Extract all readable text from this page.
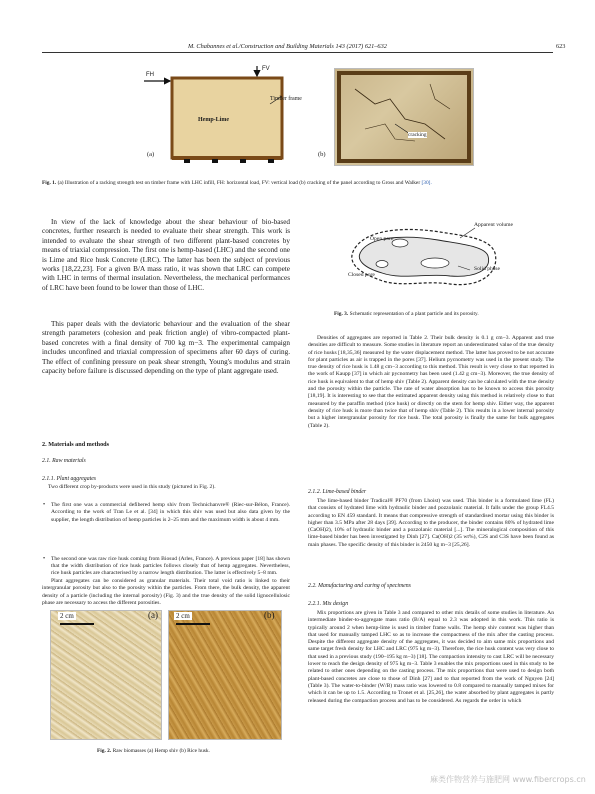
M. Chabannes et al./Construction and Building Materials 143 (2017) 621–632	623
FH
FV
Timber frame
Hemp-Lime
(a)
cracking
(b)
Fig. 1. (a) Illustration of a racking strength test on timber frame with LHC infill, FH: horizontal load, FV: vertical load (b) cracking of the panel according to Gross and Walker [30].
In view of the lack of knowledge about the shear behaviour of bio-based concretes, further research is needed to evaluate their shear strength. This work is intended to evaluate the shear strength of two different plant-based concretes by means of triaxial compression. The first one is hemp-based (LHC) and the second one is Lime and Rice husk Concrete (LRC). The latter has been the subject of previous works [18,22,23]. For a given B/A mass ratio, it was shown that LRC can compete with LHC in terms of thermal insulation. Nevertheless, the mechanical performances of LRC have been found to be lower than those of LHC.
This paper deals with the deviatoric behaviour and the evaluation of the shear strength parameters (cohesion and peak friction angle) of vibro-compacted plant-based concretes with a final density of 700 kg m−3. The experimental campaign includes unconfined and triaxial compression of specimens after 60 days of curing. The effect of confining pressure on peak shear strength, Young's modulus and strain capacity before failure is discussed depending on the type of plant aggregate used.
2. Materials and methods
2.1. Raw materials
2.1.1. Plant aggregates
Two different crop by-products were used in this study (pictured in Fig. 2).
• The first one was a commercial defibered hemp shiv from Technichanvre® (Riec-sur-Bélon, France). According to the work of Tran Le et al. [34] in which this shiv was used but also data given by the supplier, the length distribution of hemp particles is 2–25 mm and the maximum width is about 4 mm.
• The second one was raw rice husk coming from Biosud (Arles, France). A previous paper [18] has shown that the width distribution of rice husk particles follows closely that of hemp aggregates. Nevertheless, rice husk particles are characterised by a narrow length distribution. The latter is effectively 5–8 mm.
Plant aggregates can be considered as granular materials. Their total void ratio is linked to their intergranular porosity but also to the porosity within the particles. From there, the bulk density, the apparent density of a particle (including the internal porosity) (Fig. 3) and the true density of the solid lignocellulosic phase are necessary to access the different porosities.
2 cm	(a)	2 cm	(b)
Fig. 2. Raw biomasses (a) Hemp shiv (b) Rice husk.
Apparent volume
Open pore
Solid phase
Closed pore
Fig. 3. Schematic representation of a plant particle and its porosity.
Densities of aggregates are reported in Table 2. Their bulk density is 0.1 g cm−3. Apparent and true densities are difficult to measure. Some studies in literature report an underestimated value of the true density of rice husks [18,35,36] measured by the water displacement method. The latter has proved to be not accurate for plant particles as air is trapped in the pores [37]. Helium pycnometry was used in the present study. The true density of rice husk is 1.48 g cm−3 according to this method. This result is very close to that reported in the work of Kaupp [37] in which air pycnometry has been used (1.42 g cm−3). Moreover, the true density of rice husk is equivalent to that of hemp shiv (Table 2). Apparent density can be calculated with the true density and the porosity within the particle. The rate of water absorption has to be known to access this porosity [18,19]. It is interesting to see that the estimated apparent density using this method is relatively close to that measured by the paraffin method (rice husk) or directly on the stem for hemp shiv. Either way, the apparent density of rice husk is more than twice that of hemp shiv (Table 2). This results in a lower internal porosity but a higher intergranular porosity for rice husk. The total porosity is finally the same for bulk aggregates (Table 2).
2.1.2. Lime-based binder
The lime-based binder Tradical® PF70 (from Lhoist) was used. This binder is a formulated lime (FL) that consists of hydrated lime with hydraulic binder and pozzolanic material. It falls under the group FL4.5 according to EN 459 standard. It means that compressive strength of standardised mortar using this binder is higher than 3.5 MPa after 28 days [39]. According to the producer, the binder contains 80% of hydrated lime (CaOH)2), 10% of hydraulic binder and a pozzolanic material [...]. The mineralogical composition of this lime-based binder has been investigated by Dinh [27]. Ca(OH)2 (35 wt%), C2S and C3S have been found as main phases. The specific density of this binder is 2450 kg m−3 [25,26].
2.2. Manufacturing and curing of specimens
2.2.1. Mix design
Mix proportions are given in Table 3 and compared to other mix details of some studies in literature. An intermediate binder-to-aggregate mass ratio (B/A) equal to 2.3 was adopted in this work. This ratio is typically around 2 when hemp-lime is used in timber frame walls. The hemp shiv content was higher than that used for manually tamped LHC so as to increase the compactness of the mix after the casting process. Despite the different aggregate density of the aggregates, it was decided to aim same mix proportions and same target fresh density for LHC and LRC (975 kg m−3). Therefore, the rice husk content was very close to that used in a previous study (190–195 kg m−3) [18]. The compaction intensity to cast LRC will be necessary lower to reach the design density of 975 kg m−3. Table 3 enables the mix proportions used in this study to be related to other ones depending on the casting process. The mix proportions that were used to design both plant-based concretes are close to those of Dinh [27] and to that reported from the work of Nguyen [24] (Table 3). The water-to-binder (W/B) mass ratio was lowered to 0.8 compared to manually tamped mixes for which it can be up to 1.5. According to Tronet et al. [25,26], the water absorbed by plant aggregates is partly released during the compaction process and has to be considered. As regards the order in which
麻类作物营养与施肥网 www.fibercrops.cn
